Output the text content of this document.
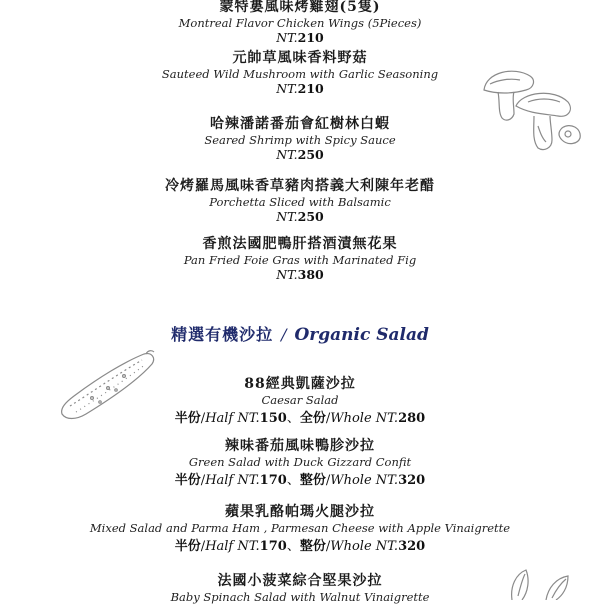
蒙特婁風味烤雞翅(5隻)
Montreal Flavor Chicken Wings (5Pieces)
NT.210
元帥草風味香料野菇
Sauteed Wild Mushroom with Garlic Seasoning
NT.210
哈辣潘諾番茄會紅樹林白蝦
Seared Shrimp with Spicy Sauce
NT.250
冷烤羅馬風味香草豬肉搭義大利陳年老醋
Porchetta Sliced with Balsamic
NT.250
香煎法國肥鴨肝搭酒漬無花果
Pan Fried Foie Gras with Marinated Fig
NT.380
精選有機沙拉 / Organic Salad
88經典凱薩沙拉
Caesar Salad
半份/Half NT.150、全份/Whole NT.280
辣味番茄風味鴨胗沙拉
Green Salad with Duck Gizzard Confit
半份/Half NT.170、整份/Whole NT.320
蘋果乳酪帕瑪火腿沙拉
Mixed Salad and Parma Ham , Parmesan Cheese with Apple Vinaigrette
半份/Half NT.170、整份/Whole NT.320
法國小菠菜綜合堅果沙拉
Baby Spinach Salad with Walnut Vinaigrette
